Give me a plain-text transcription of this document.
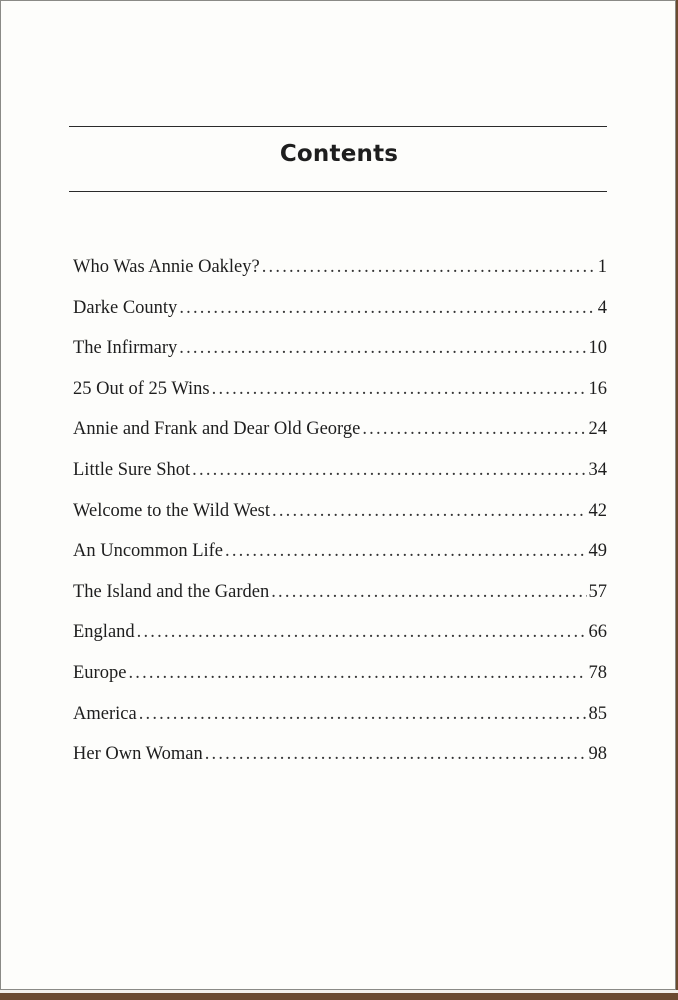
Contents
Who Was Annie Oakley? .....	1
Darke County .....	4
The Infirmary .....	10
25 Out of 25 Wins .....	16
Annie and Frank and Dear Old George .....	24
Little Sure Shot .....	34
Welcome to the Wild West .....	42
An Uncommon Life .....	49
The Island and the Garden .....	57
England .....	66
Europe .....	78
America .....	85
Her Own Woman .....	98
